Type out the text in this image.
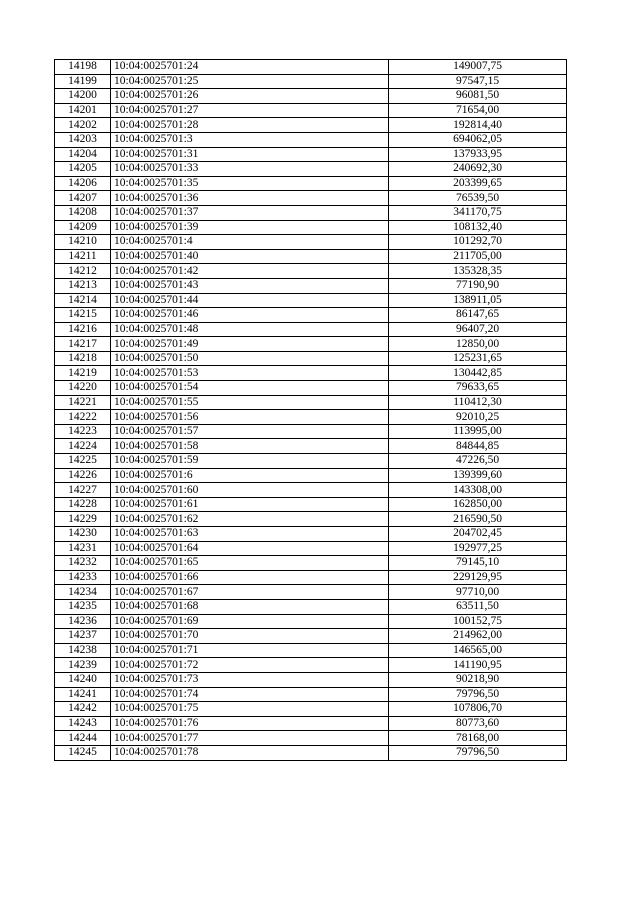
14198	10:04:0025701:24	149007,75
14199	10:04:0025701:25	97547,15
14200	10:04:0025701:26	96081,50
14201	10:04:0025701:27	71654,00
14202	10:04:0025701:28	192814,40
14203	10:04:0025701:3	694062,05
14204	10:04:0025701:31	137933,95
14205	10:04:0025701:33	240692,30
14206	10:04:0025701:35	203399,65
14207	10:04:0025701:36	76539,50
14208	10:04:0025701:37	341170,75
14209	10:04:0025701:39	108132,40
14210	10:04:0025701:4	101292,70
14211	10:04:0025701:40	211705,00
14212	10:04:0025701:42	135328,35
14213	10:04:0025701:43	77190,90
14214	10:04:0025701:44	138911,05
14215	10:04:0025701:46	86147,65
14216	10:04:0025701:48	96407,20
14217	10:04:0025701:49	12850,00
14218	10:04:0025701:50	125231,65
14219	10:04:0025701:53	130442,85
14220	10:04:0025701:54	79633,65
14221	10:04:0025701:55	110412,30
14222	10:04:0025701:56	92010,25
14223	10:04:0025701:57	113995,00
14224	10:04:0025701:58	84844,85
14225	10:04:0025701:59	47226,50
14226	10:04:0025701:6	139399,60
14227	10:04:0025701:60	143308,00
14228	10:04:0025701:61	162850,00
14229	10:04:0025701:62	216590,50
14230	10:04:0025701:63	204702,45
14231	10:04:0025701:64	192977,25
14232	10:04:0025701:65	79145,10
14233	10:04:0025701:66	229129,95
14234	10:04:0025701:67	97710,00
14235	10:04:0025701:68	63511,50
14236	10:04:0025701:69	100152,75
14237	10:04:0025701:70	214962,00
14238	10:04:0025701:71	146565,00
14239	10:04:0025701:72	141190,95
14240	10:04:0025701:73	90218,90
14241	10:04:0025701:74	79796,50
14242	10:04:0025701:75	107806,70
14243	10:04:0025701:76	80773,60
14244	10:04:0025701:77	78168,00
14245	10:04:0025701:78	79796,50
